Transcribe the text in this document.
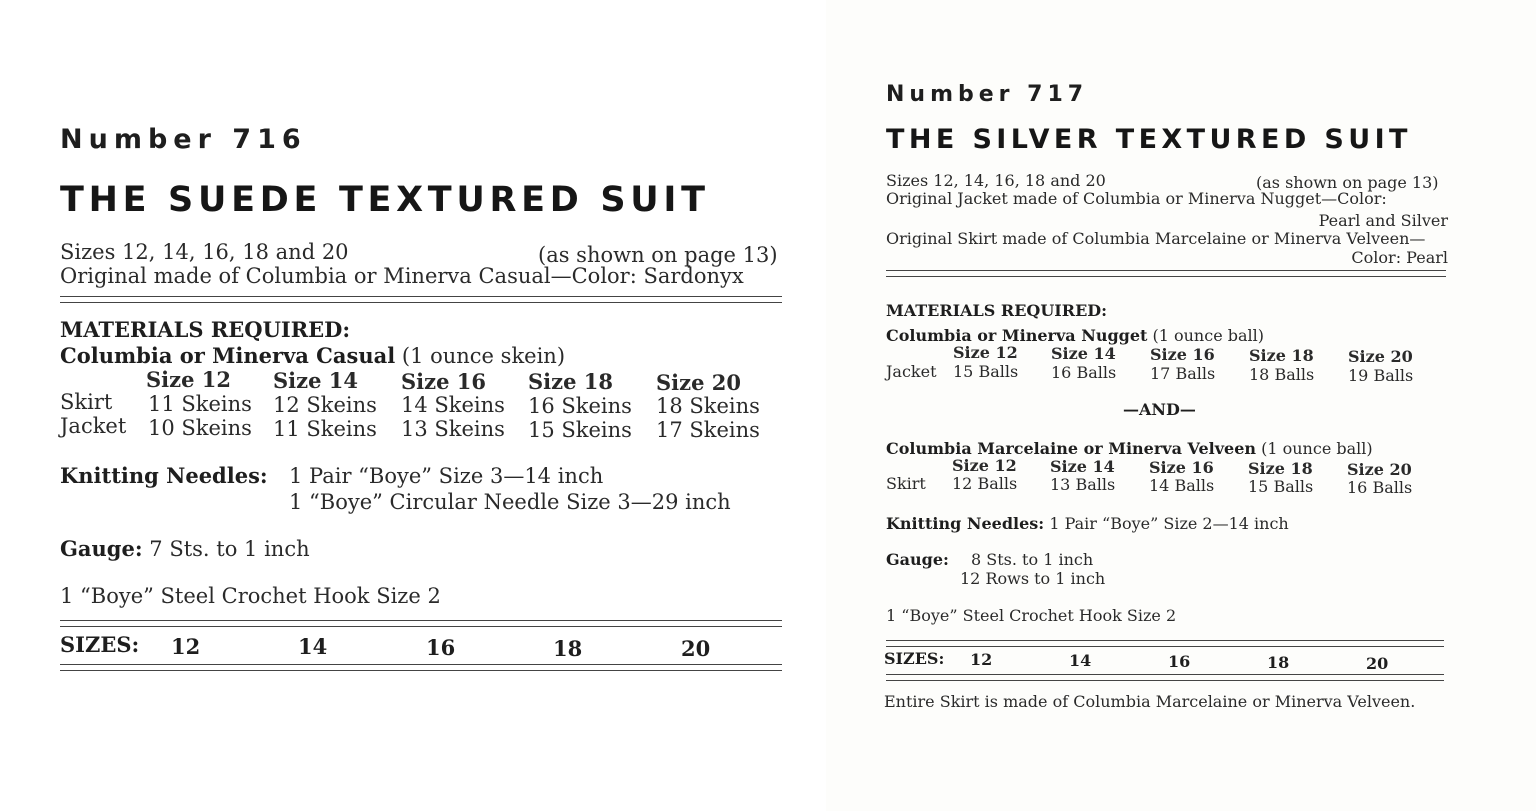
Number 716
THE SUEDE TEXTURED SUIT
Sizes 12, 14, 16, 18 and 20	(as shown on page 13)
Original made of Columbia or Minerva Casual—Color: Sardonyx
MATERIALS REQUIRED:
Columbia or Minerva Casual (1 ounce skein)
Size 12 Size 14 Size 16 Size 18 Size 20
Skirt 11 Skeins 12 Skeins 14 Skeins 16 Skeins 18 Skeins
Jacket 10 Skeins 11 Skeins 13 Skeins 15 Skeins 17 Skeins
Knitting Needles: 1 Pair “Boye” Size 3—14 inch
1 “Boye” Circular Needle Size 3—29 inch
Gauge: 7 Sts. to 1 inch
1 “Boye” Steel Crochet Hook Size 2
SIZES: 12	14	16	18	20
Number 717
THE SILVER TEXTURED SUIT
Sizes 12, 14, 16, 18 and 20	(as shown on page 13)
Original Jacket made of Columbia or Minerva Nugget—Color:
Pearl and Silver
Original Skirt made of Columbia Marcelaine or Minerva Velveen—
Color: Pearl
MATERIALS REQUIRED:
Columbia or Minerva Nugget (1 ounce ball)
Size 12 Size 14 Size 16 Size 18 Size 20
Jacket 15 Balls 16 Balls 17 Balls 18 Balls 19 Balls
—AND—
Columbia Marcelaine or Minerva Velveen (1 ounce ball)
Size 12 Size 14 Size 16 Size 18 Size 20
Skirt 12 Balls 13 Balls 14 Balls 15 Balls 16 Balls
Knitting Needles: 1 Pair “Boye” Size 2—14 inch
Gauge: 8 Sts. to 1 inch
12 Rows to 1 inch
1 “Boye” Steel Crochet Hook Size 2
SIZES: 12	14	16	18	20
Entire Skirt is made of Columbia Marcelaine or Minerva Velveen.
